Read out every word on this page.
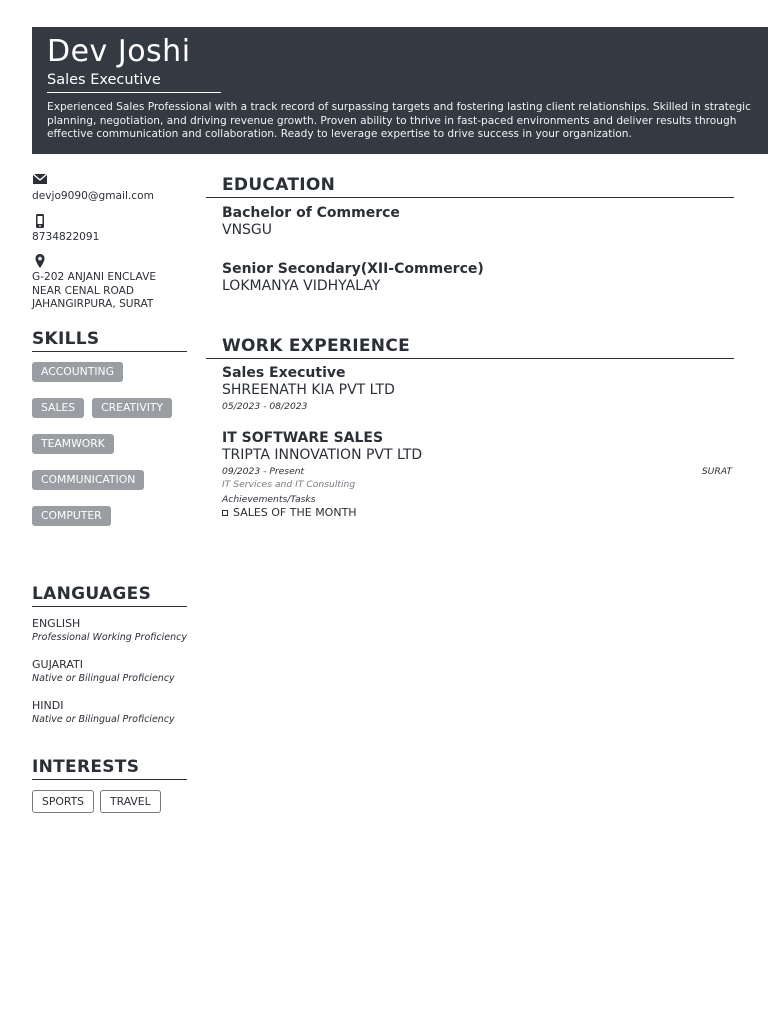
Dev Joshi
Sales Executive
Experienced Sales Professional with a track record of surpassing targets and fostering lasting client relationships. Skilled in strategic planning, negotiation, and driving revenue growth. Proven ability to thrive in fast-paced environments and deliver results through effective communication and collaboration. Ready to leverage expertise to drive success in your organization.
devjo9090@gmail.com
8734822091
G-202 ANJANI ENCLAVE
NEAR CENAL ROAD
JAHANGIRPURA, SURAT
SKILLS
ACCOUNTING
SALES	CREATIVITY
TEAMWORK
COMMUNICATION
COMPUTER
LANGUAGES
ENGLISH
Professional Working Proficiency
GUJARATI
Native or Bilingual Proficiency
HINDI
Native or Bilingual Proficiency
INTERESTS
SPORTS	TRAVEL
EDUCATION
Bachelor of Commerce
VNSGU
Senior Secondary(XII-Commerce)
LOKMANYA VIDHYALAY
WORK EXPERIENCE
Sales Executive
SHREENATH KIA PVT LTD
05/2023 - 08/2023
IT SOFTWARE SALES
TRIPTA INNOVATION PVT LTD
09/2023 - Present	SURAT
IT Services and IT Consulting
Achievements/Tasks
SALES OF THE MONTH
